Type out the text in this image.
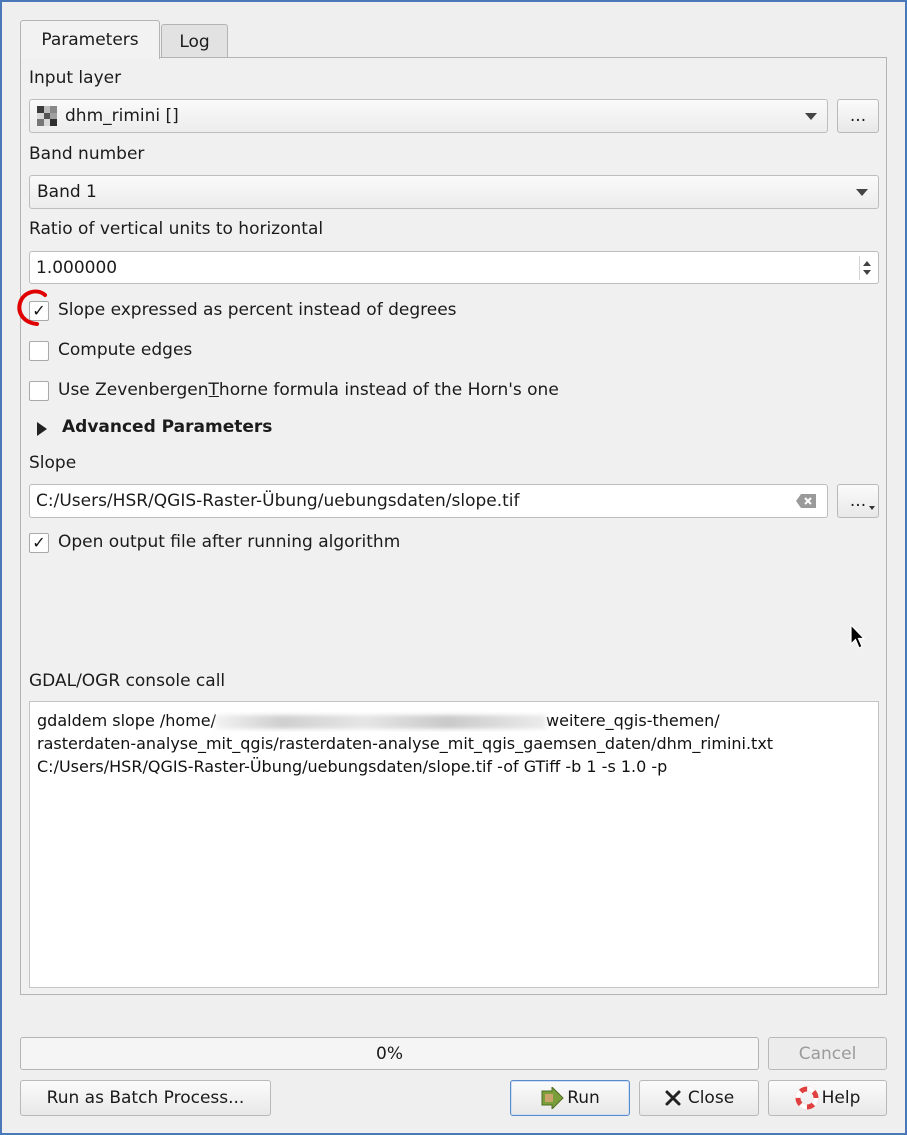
Log
Parameters
Input layer
dhm_rimini []	...
Band number
Band 1
Ratio of vertical units to horizontal
1.000000
✓ Slope expressed as percent instead of degrees
Compute edges
Use ZevenbergenThorne formula instead of the Horn's one
Advanced Parameters
Slope
C:/Users/HSR/QGIS-Raster-Übung/uebungsdaten/slope.tif	...
✓ Open output file after running algorithm
GDAL/OGR console call
gdaldem slope /home/	weitere_qgis-themen/
rasterdaten-analyse_mit_qgis/rasterdaten-analyse_mit_qgis_gaemsen_daten/dhm_rimini.txt
C:/Users/HSR/QGIS-Raster-Übung/uebungsdaten/slope.tif -of GTiff -b 1 -s 1.0 -p
0%	Cancel
Run as Batch Process...	Run	Close	Help
